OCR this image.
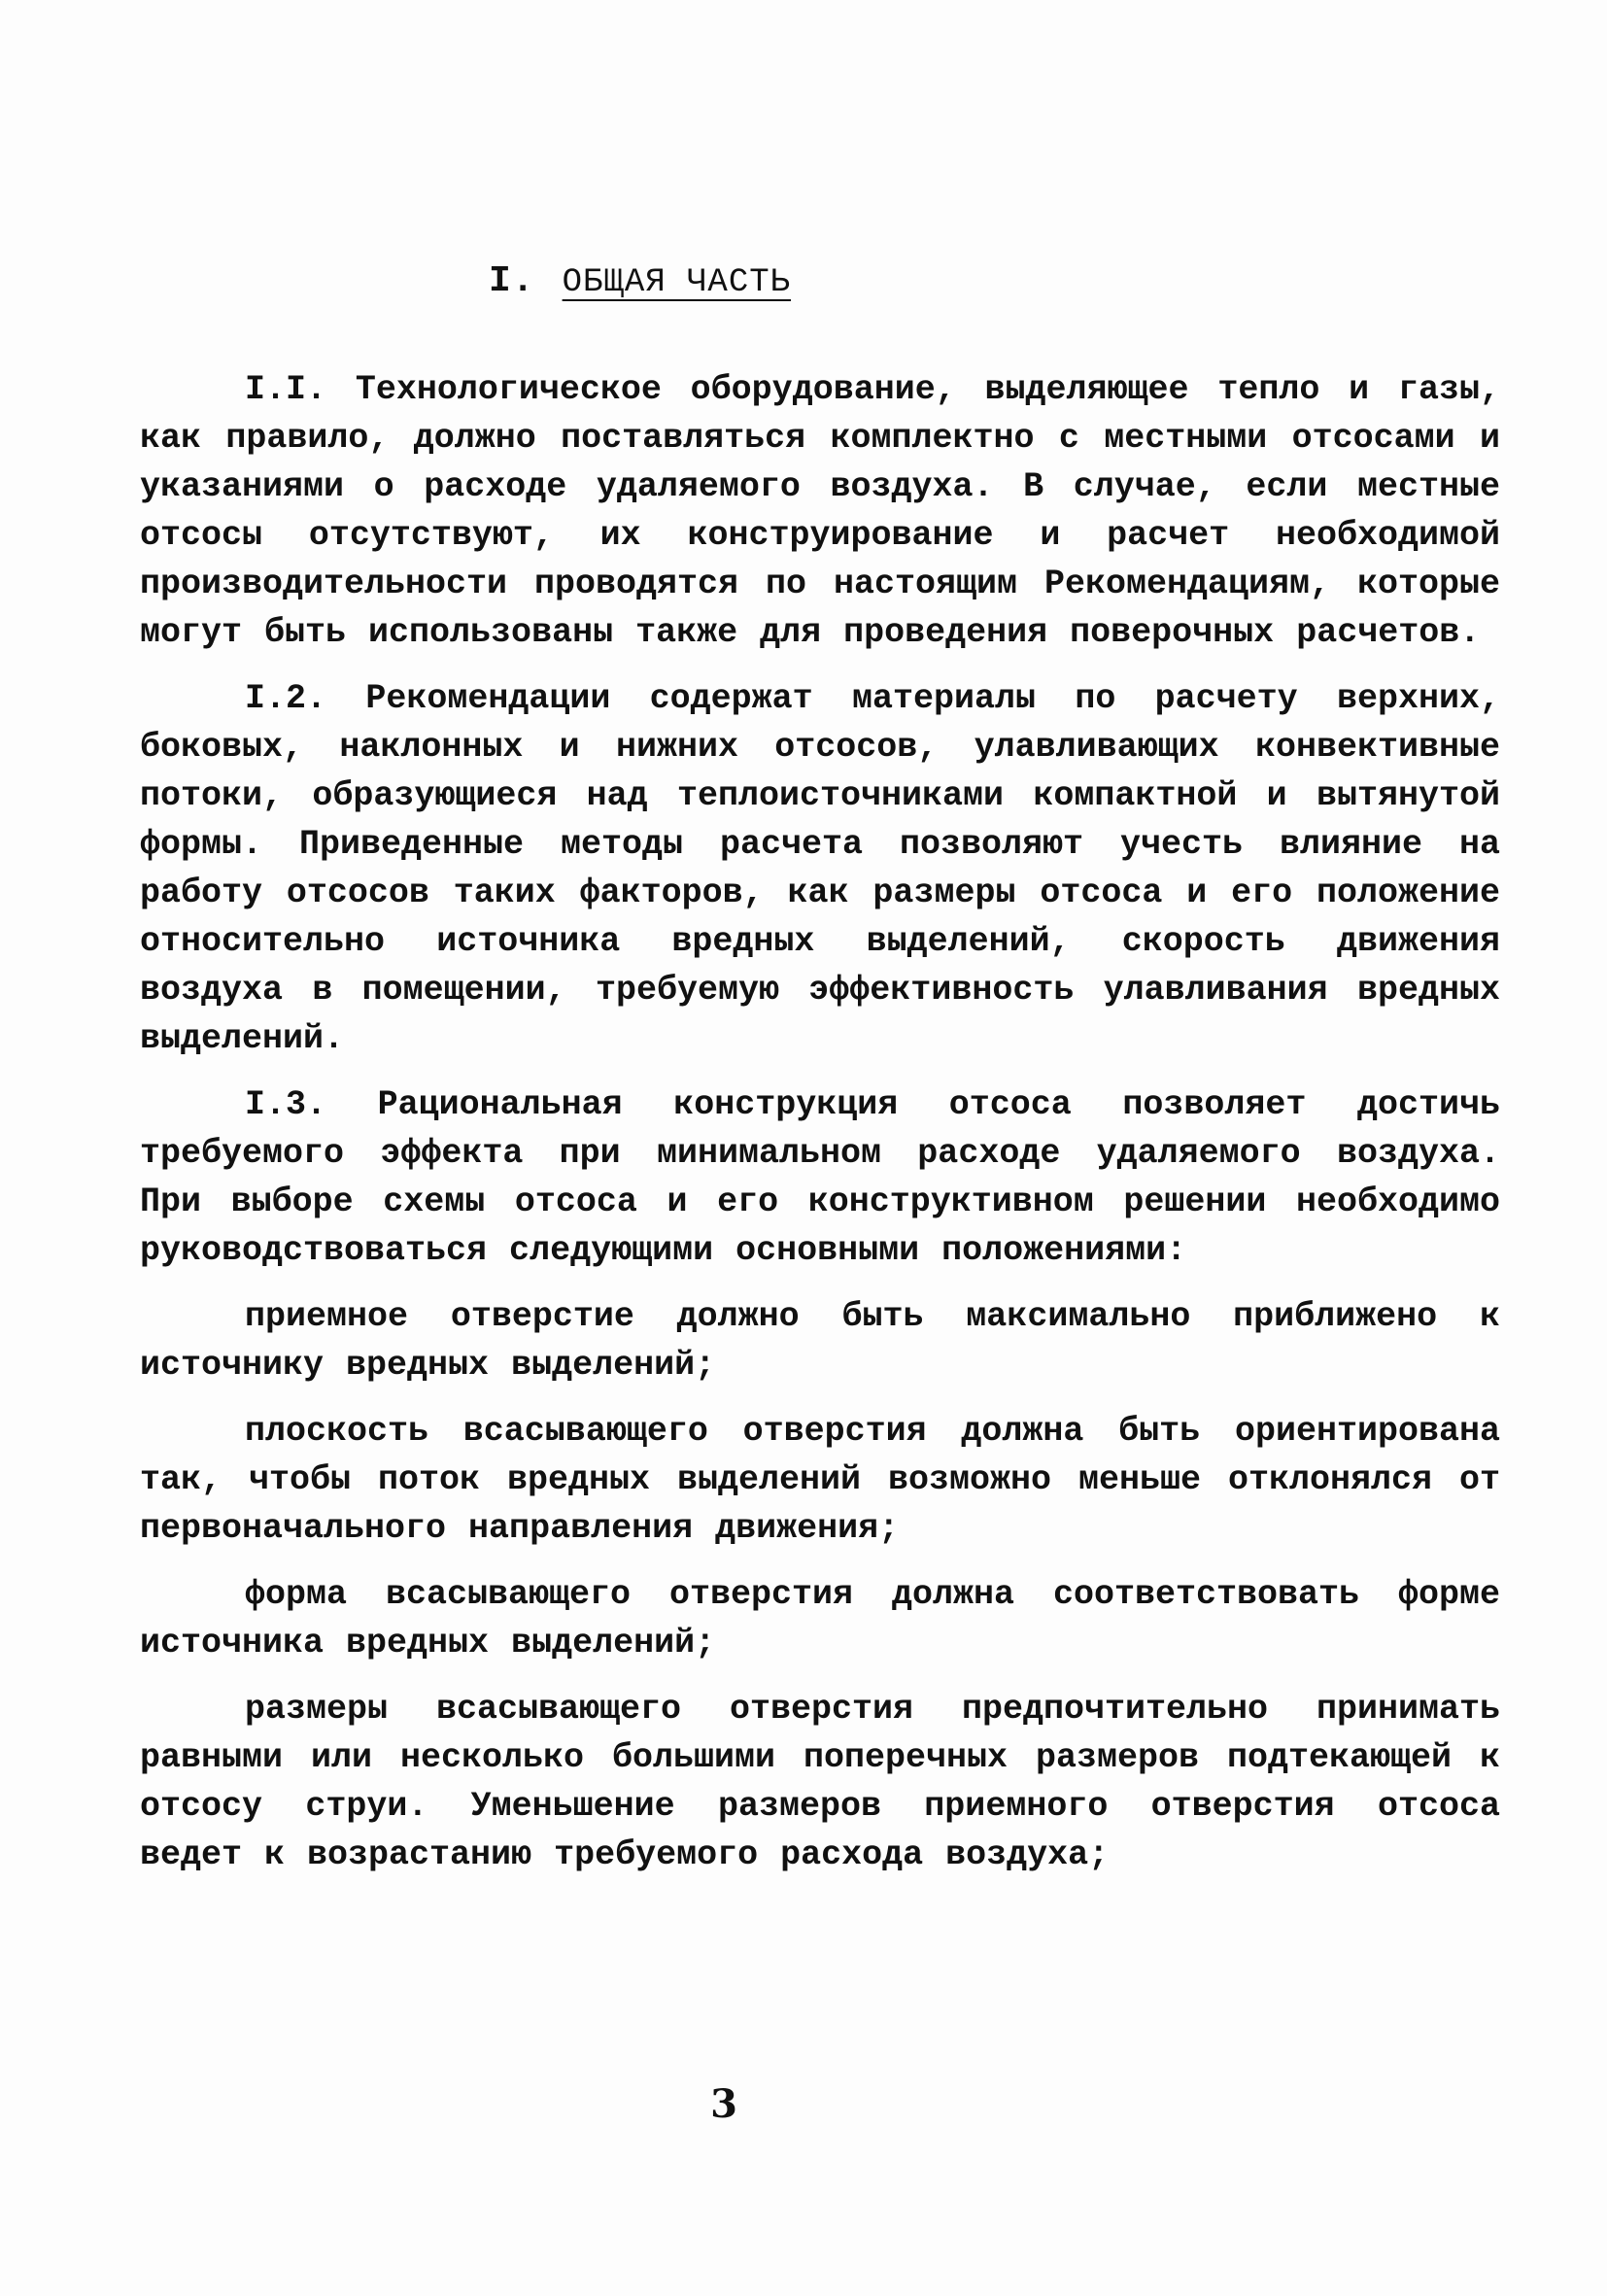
I. ОБЩАЯ ЧАСТЬ

I.I. Технологическое оборудование, выделяющее тепло и газы, как правило, должно поставляться комплектно с местными отсосами и указаниями о расходе удаляемого воздуха. В случае, если местные отсосы отсутствуют, их конструирование и расчет необходимой производительности проводятся по настоящим Рекомендациям, которые могут быть использованы также для проведения поверочных расчетов.

I.2. Рекомендации содержат материалы по расчету верхних, боковых, наклонных и нижних отсосов, улавливающих конвективные потоки, образующиеся над теплоисточниками компактной и вытянутой формы. Приведенные методы расчета позволяют учесть влияние на работу отсосов таких факторов, как размеры отсоса и его положение относительно источника вредных выделений, скорость движения воздуха в помещении, требуемую эффективность улавливания вредных выделений.

I.3. Рациональная конструкция отсоса позволяет достичь требуемого эффекта при минимальном расходе удаляемого воздуха. При выборе схемы отсоса и его конструктивном решении необходимо руководствоваться следующими основными положениями:

приемное отверстие должно быть максимально приближено к источнику вредных выделений;

плоскость всасывающего отверстия должна быть ориентирована так, чтобы поток вредных выделений возможно меньше отклонялся от первоначального направления движения;

форма всасывающего отверстия должна соответствовать форме источника вредных выделений;

размеры всасывающего отверстия предпочтительно принимать равными или несколько большими поперечных размеров подтекающей к отсосу струи. Уменьшение размеров приемного отверстия отсоса ведет к возрастанию требуемого расхода воздуха;

3
